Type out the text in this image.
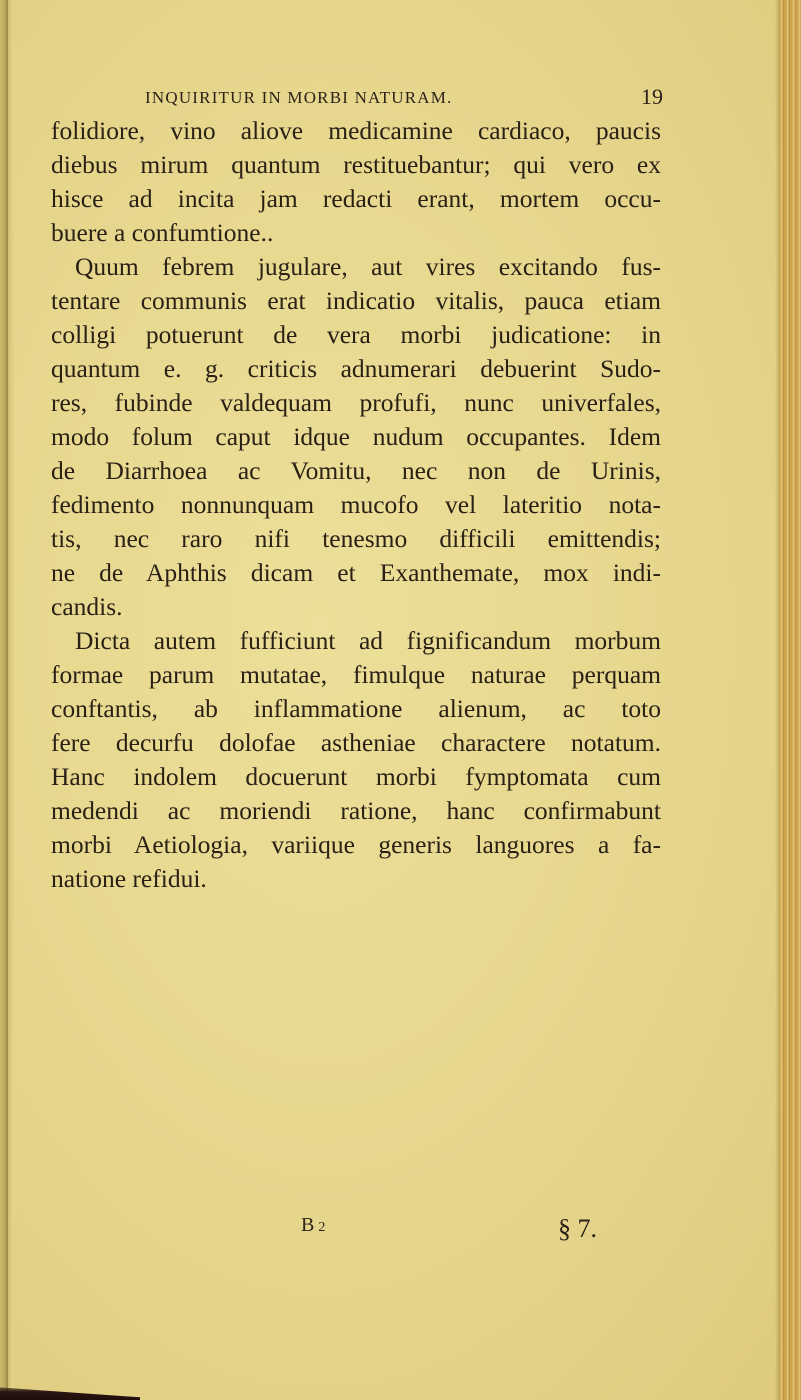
INQUIRITUR IN MORBI NATURAM.	19

folidiore, vino aliove medicamine cardiaco, paucis
diebus mirum quantum restituebantur; qui vero ex
hisce ad incita jam redacti erant, mortem occu-
buere a confumtione..

Quum febrem jugulare, aut vires excitando fus-
tentare communis erat indicatio vitalis, pauca etiam
colligi potuerunt de vera morbi judicatione: in
quantum e. g. criticis adnumerari debuerint Sudo-
res, fubinde valdequam profufi, nunc univerfales,
modo folum caput idque nudum occupantes. Idem
de Diarrhoea ac Vomitu, nec non de Urinis,
fedimento nonnunquam mucofo vel lateritio nota-
tis, nec raro nifi tenesmo difficili emittendis;
ne de Aphthis dicam et Exanthemate, mox indi-
candis.

Dicta autem fufficiunt ad fignificandum morbum
formae parum mutatae, fimulque naturae perquam
conftantis, ab inflammatione alienum, ac toto
fere decurfu dolofae astheniae charactere notatum.
Hanc indolem docuerunt morbi fymptomata cum
medendi ac moriendi ratione, hanc confirmabunt
morbi Aetiologia, variique generis languores a fa-
natione refidui.

B 2	§ 7.
